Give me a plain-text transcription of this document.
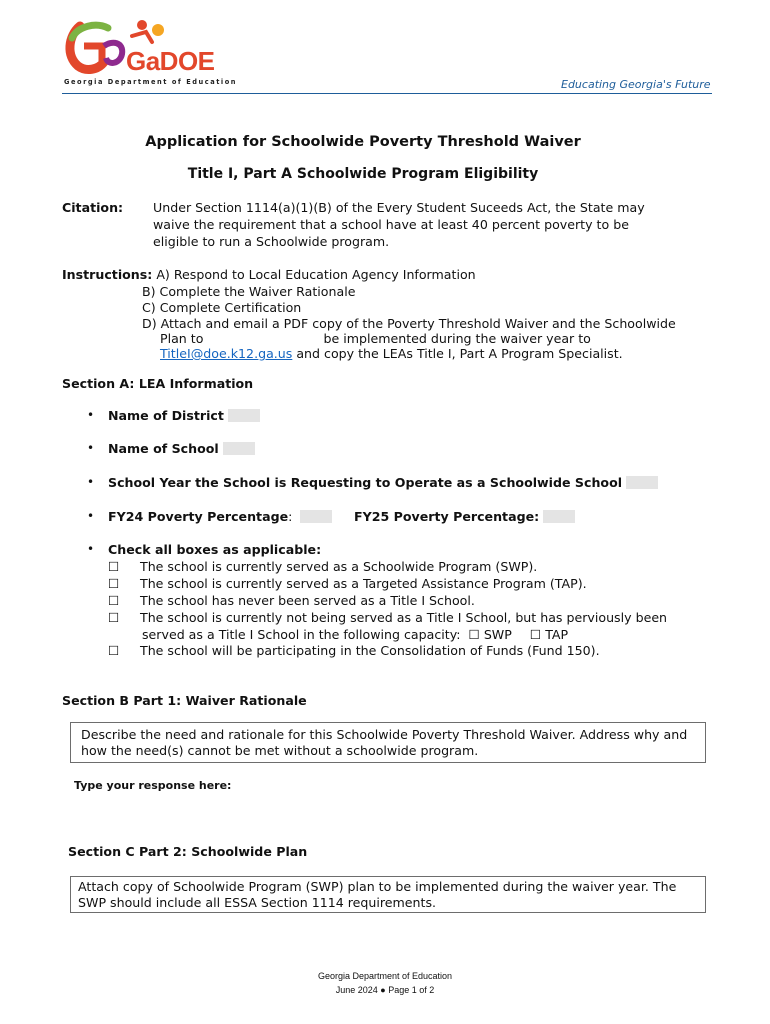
GaDOE
Georgia Department of Education	Educating Georgia's Future
Application for Schoolwide Poverty Threshold Waiver
Title I, Part A Schoolwide Program Eligibility
Citation: Under Section 1114(a)(1)(B) of the Every Student Suceeds Act, the State may
waive the requirement that a school have at least 40 percent poverty to be
eligible to run a Schoolwide program.
Instructions: A) Respond to Local Education Agency Information
B) Complete the Waiver Rationale
C) Complete Certification
D) Attach and email a PDF copy of the Poverty Threshold Waiver and the Schoolwide
Plan to	be implemented during the waiver year to
TitleI@doe.k12.ga.us and copy the LEAs Title I, Part A Program Specialist.
Section A: LEA Information
• Name of District
• Name of School
• School Year the School is Requesting to Operate as a Schoolwide School
• FY24 Poverty Percentage:	FY25 Poverty Percentage:
• Check all boxes as applicable:
☐ The school is currently served as a Schoolwide Program (SWP).
☐ The school is currently served as a Targeted Assistance Program (TAP).
☐ The school has never been served as a Title I School.
☐ The school is currently not being served as a Title I School, but has perviously been
served as a Title I School in the following capacity: ☐ SWP ☐ TAP
☐ The school will be participating in the Consolidation of Funds (Fund 150).
Section B Part 1: Waiver Rationale
Describe the need and rationale for this Schoolwide Poverty Threshold Waiver. Address why and
how the need(s) cannot be met without a schoolwide program.
Type your response here:
Section C Part 2: Schoolwide Plan
Attach copy of Schoolwide Program (SWP) plan to be implemented during the waiver year. The
SWP should include all ESSA Section 1114 requirements.
Georgia Department of Education
June 2024 ● Page 1 of 2
